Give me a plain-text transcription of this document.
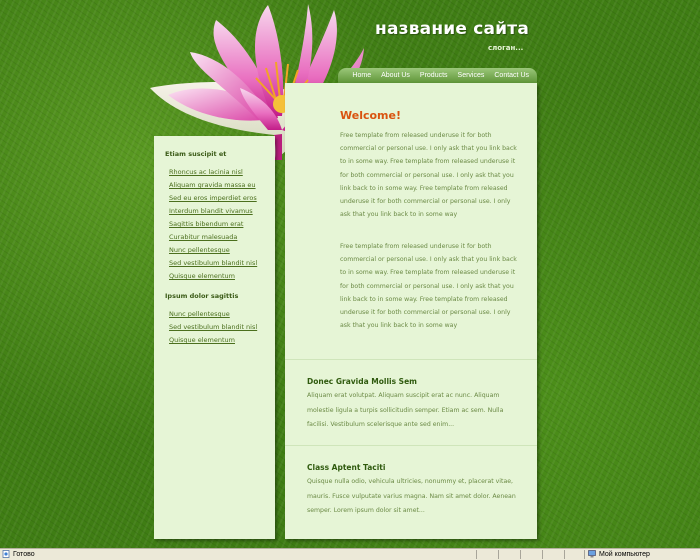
название сайта
слоган...
Home About Us Products Services Contact Us
Etiam suscipit et
Rhoncus ac lacinia nisl
Aliquam gravida massa eu
Sed eu eros imperdiet eros
Interdum blandit vivamus
Sagittis bibendum erat
Curabitur malesuada
Nunc pellentesque
Sed vestibulum blandit nisl
Quisque elementum
Ipsum dolor sagittis
Nunc pellentesque
Sed vestibulum blandit nisl
Quisque elementum
Welcome!

Free template from released underuse it for both commercial or personal use. I only ask that you link back to in some way. Free template from released underuse it for both commercial or personal use. I only ask that you link back to in some way. Free template from released underuse it for both commercial or personal use. I only ask that you link back to in some way

Free template from released underuse it for both commercial or personal use. I only ask that you link back to in some way. Free template from released underuse it for both commercial or personal use. I only ask that you link back to in some way. Free template from released underuse it for both commercial or personal use. I only ask that you link back to in some way

Donec Gravida Mollis Sem

Aliquam erat volutpat. Aliquam suscipit erat ac nunc. Aliquam molestie ligula a turpis sollicitudin semper. Etiam ac sem. Nulla facilisi. Vestibulum scelerisque ante sed enim...

Class Aptent Taciti

Quisque nulla odio, vehicula ultricies, nonummy et, placerat vitae, mauris. Fusce vulputate varius magna. Nam sit amet dolor. Aenean semper. Lorem ipsum dolor sit amet...

Готово	Мой компьютер
